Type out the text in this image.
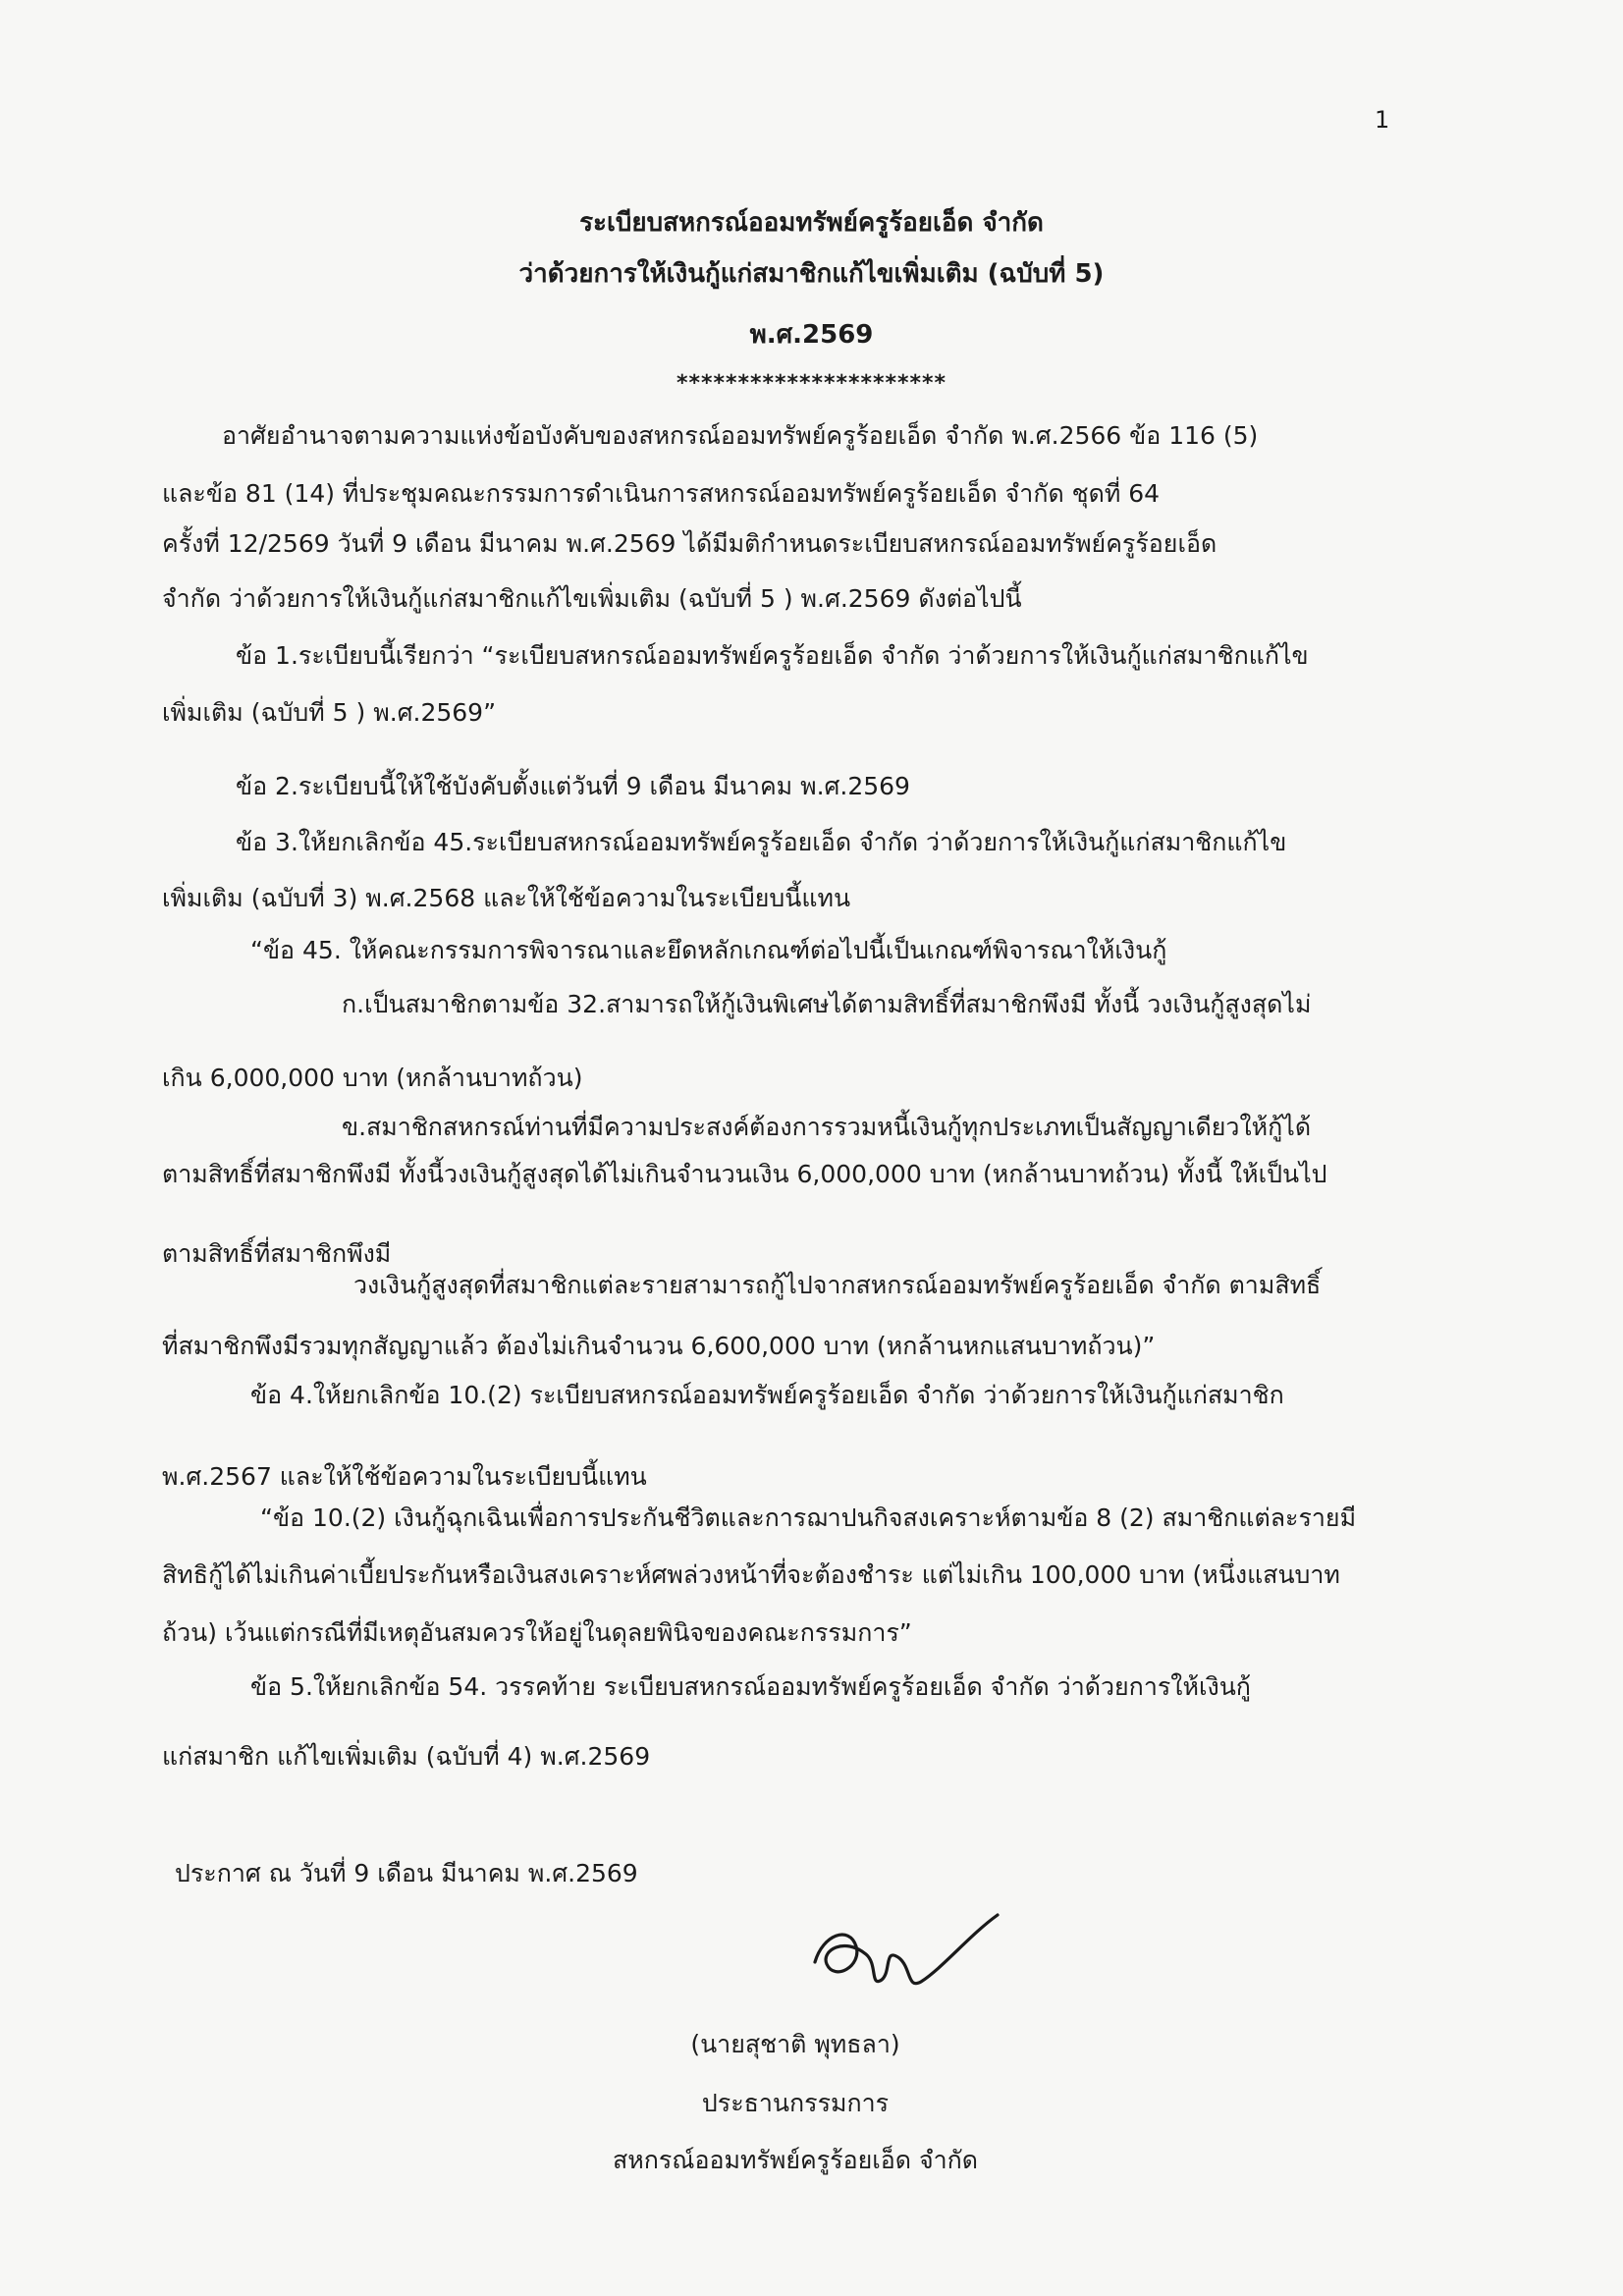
1
ระเบียบสหกรณ์ออมทรัพย์ครูร้อยเอ็ด จำกัด
ว่าด้วยการให้เงินกู้แก่สมาชิกแก้ไขเพิ่มเติม (ฉบับที่ 5)
พ.ศ.2569
**********************
อาศัยอำนาจตามความแห่งข้อบังคับของสหกรณ์ออมทรัพย์ครูร้อยเอ็ด จำกัด พ.ศ.2566 ข้อ 116 (5)
และข้อ 81 (14) ที่ประชุมคณะกรรมการดำเนินการสหกรณ์ออมทรัพย์ครูร้อยเอ็ด จำกัด ชุดที่ 64
ครั้งที่ 12/2569 วันที่ 9 เดือน มีนาคม พ.ศ.2569 ได้มีมติกำหนดระเบียบสหกรณ์ออมทรัพย์ครูร้อยเอ็ด
จำกัด ว่าด้วยการให้เงินกู้แก่สมาชิกแก้ไขเพิ่มเติม (ฉบับที่ 5 ) พ.ศ.2569 ดังต่อไปนี้
ข้อ 1.ระเบียบนี้เรียกว่า “ระเบียบสหกรณ์ออมทรัพย์ครูร้อยเอ็ด จำกัด ว่าด้วยการให้เงินกู้แก่สมาชิกแก้ไข
เพิ่มเติม (ฉบับที่ 5 ) พ.ศ.2569”
ข้อ 2.ระเบียบนี้ให้ใช้บังคับตั้งแต่วันที่ 9 เดือน มีนาคม พ.ศ.2569
ข้อ 3.ให้ยกเลิกข้อ 45.ระเบียบสหกรณ์ออมทรัพย์ครูร้อยเอ็ด จำกัด ว่าด้วยการให้เงินกู้แก่สมาชิกแก้ไข
เพิ่มเติม (ฉบับที่ 3) พ.ศ.2568 และให้ใช้ข้อความในระเบียบนี้แทน
“ข้อ 45. ให้คณะกรรมการพิจารณาและยึดหลักเกณฑ์ต่อไปนี้เป็นเกณฑ์พิจารณาให้เงินกู้
ก.เป็นสมาชิกตามข้อ 32.สามารถให้กู้เงินพิเศษได้ตามสิทธิ์ที่สมาชิกพึงมี ทั้งนี้ วงเงินกู้สูงสุดไม่
เกิน 6,000,000 บาท (หกล้านบาทถ้วน)
ข.สมาชิกสหกรณ์ท่านที่มีความประสงค์ต้องการรวมหนี้เงินกู้ทุกประเภทเป็นสัญญาเดียวให้กู้ได้
ตามสิทธิ์ที่สมาชิกพึงมี ทั้งนี้วงเงินกู้สูงสุดได้ไม่เกินจำนวนเงิน 6,000,000 บาท (หกล้านบาทถ้วน) ทั้งนี้ ให้เป็นไป
ตามสิทธิ์ที่สมาชิกพึงมี
วงเงินกู้สูงสุดที่สมาชิกแต่ละรายสามารถกู้ไปจากสหกรณ์ออมทรัพย์ครูร้อยเอ็ด จำกัด ตามสิทธิ์
ที่สมาชิกพึงมีรวมทุกสัญญาแล้ว ต้องไม่เกินจำนวน 6,600,000 บาท (หกล้านหกแสนบาทถ้วน)”
ข้อ 4.ให้ยกเลิกข้อ 10.(2) ระเบียบสหกรณ์ออมทรัพย์ครูร้อยเอ็ด จำกัด ว่าด้วยการให้เงินกู้แก่สมาชิก
พ.ศ.2567 และให้ใช้ข้อความในระเบียบนี้แทน
“ข้อ 10.(2) เงินกู้ฉุกเฉินเพื่อการประกันชีวิตและการฌาปนกิจสงเคราะห์ตามข้อ 8 (2) สมาชิกแต่ละรายมี
สิทธิกู้ได้ไม่เกินค่าเบี้ยประกันหรือเงินสงเคราะห์ศพล่วงหน้าที่จะต้องชำระ แต่ไม่เกิน 100,000 บาท (หนึ่งแสนบาท
ถ้วน) เว้นแต่กรณีที่มีเหตุอันสมควรให้อยู่ในดุลยพินิจของคณะกรรมการ”
ข้อ 5.ให้ยกเลิกข้อ 54. วรรคท้าย ระเบียบสหกรณ์ออมทรัพย์ครูร้อยเอ็ด จำกัด ว่าด้วยการให้เงินกู้
แก่สมาชิก แก้ไขเพิ่มเติม (ฉบับที่ 4) พ.ศ.2569
ประกาศ ณ วันที่ 9 เดือน มีนาคม พ.ศ.2569
(นายสุชาติ พุทธลา)
ประธานกรรมการ
สหกรณ์ออมทรัพย์ครูร้อยเอ็ด จำกัด
